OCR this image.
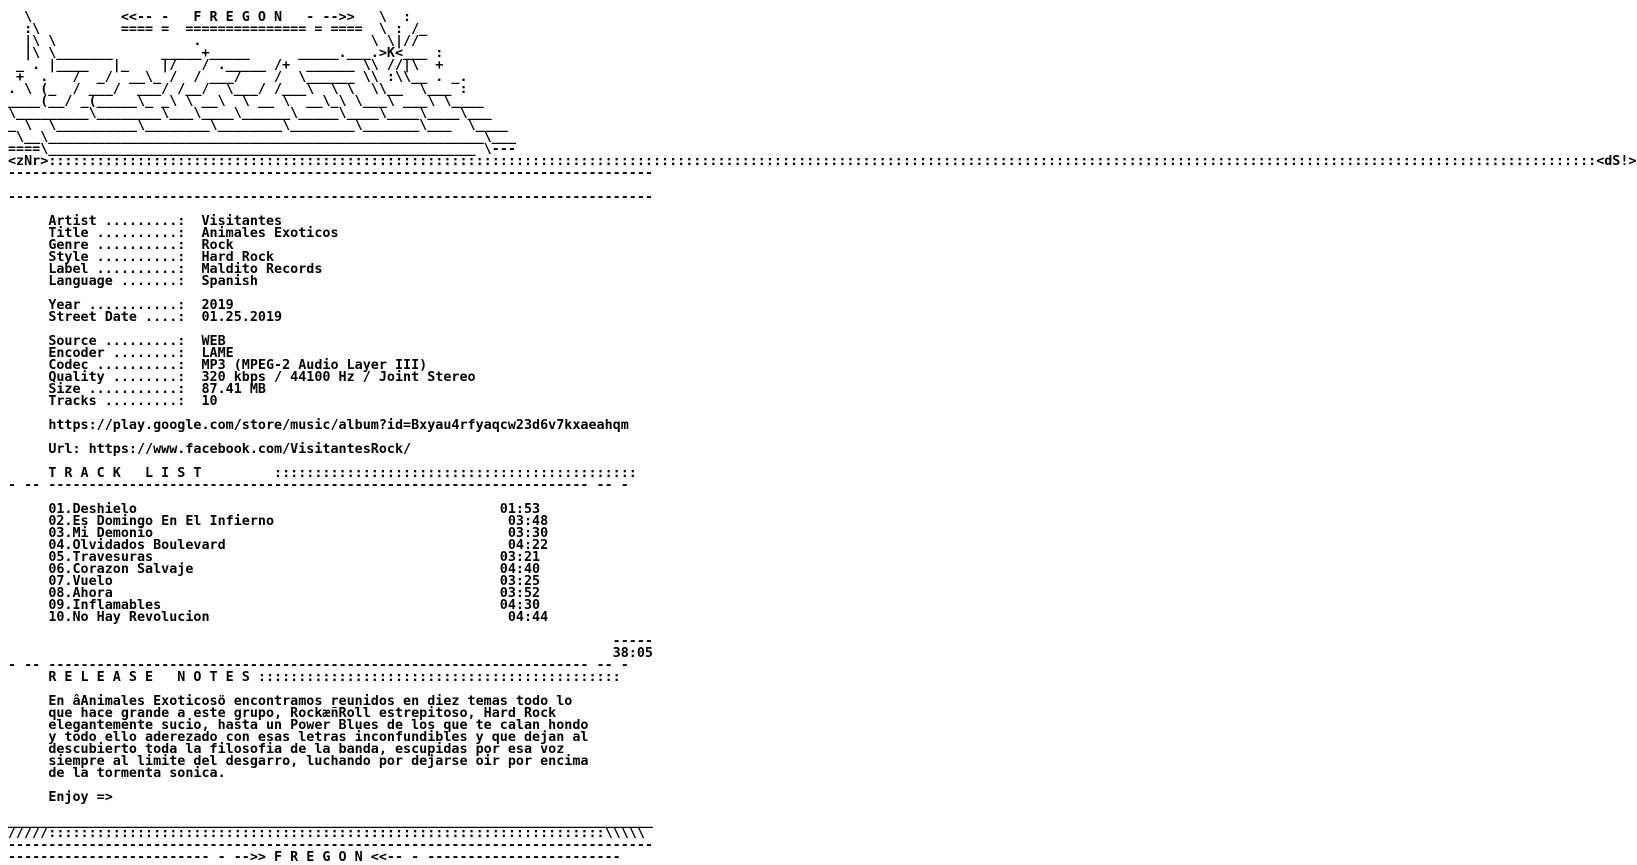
\           <<-- -   F R E G O N   - -->>   \  :
:\          ==== =  =============== = ====  \ : /_
|\ \                 .                     \ \|//
|\ \_______      _____+_____      _____.___.>K<___ :
_ . |____   |_    |/   / ._____ /+  ______ \\ //|\  +
+  .   /  _/  __\_ /  / ___/    /  \______ \\ :\\__ . _.
. \ (_  / ___/  ___/ /__/  \___/ /___\  \ \  \\__  \___ :
____(__/ _(_____\_ _\ \ __\  \ __ \  __\_\ \___\ ___\ \____
\_________\________\___\____\______\_____\____\____\____\___
_ \  \__________\________\________\________\_______\___  \____
\__\______________________________________________________\___
====\_____________________________________________________ \---
<zNr>::::::::::::::::::::::::::::::::::::::::::::::::::::::::::::::::::::::::::::::::::::::::::::::::::::::::::::::::::::::::::::::::::::::::::::::::::::::::::::::::::::::::::::::::::::::::::::::::<dS!>
--------------------------------------------------------------------------------

--------------------------------------------------------------------------------

Artist .........: Visitantes
Title ..........: Animales Exoticos
Genre ..........: Rock
Style ..........: Hard Rock
Label ..........: Maldito Records
Language .......: Spanish

Year ...........: 2019
Street Date ....: 01.25.2019

Source .........: WEB
Encoder ........: LAME
Codec ..........: MP3 (MPEG-2 Audio Layer III)
Quality ........: 320 kbps / 44100 Hz / Joint Stereo
Size ...........: 87.41 MB
Tracks .........: 10

https://play.google.com/store/music/album?id=Bxyau4rfyaqcw23d6v7kxaeahqm

Url: https://www.facebook.com/VisitantesRock/

T R A C K   L I S T         :::::::::::::::::::::::::::::::::::::::::::::
- -- ------------------------------------------------------------------- -- -

01.Deshielo	01:53
02.Es Domingo En El Infierno	03:48
03.Mi Demonio	03:30
04.Olvidados Boulevard	04:22
05.Travesuras	03:21
06.Corazon Salvaje	04:40
07.Vuelo	03:25
08.Ahora	03:52
09.Inflamables	04:30
10.No Hay Revolucion	04:44

-----
38:05
- -- ------------------------------------------------------------------- -- -
R E L E A S E   N O T E S :::::::::::::::::::::::::::::::::::::::::::::

En âAnimales Exoticosö encontramos reunidos en diez temas todo lo
que hace grande a este grupo, RockæñRoll estrepitoso, Hard Rock
elegantemente sucio, hasta un Power Blues de los que te calan hondo
y todo ello aderezado con esas letras inconfundibles y que dejan al
descubierto toda la filosofia de la banda, escupidas por esa voz
siempre al limite del desgarro, luchando por dejarse oir por encima
de la tormenta sonica.

Enjoy =>

________________________________________________________________________________
/////:::::::::::::::::::::::::::::::::::::::::::::::::::::::::::::::::::::\\\\\
--------------------------------------------------------------------------------
------------------------- - -->> F R E G O N <<-- - ------------------------
